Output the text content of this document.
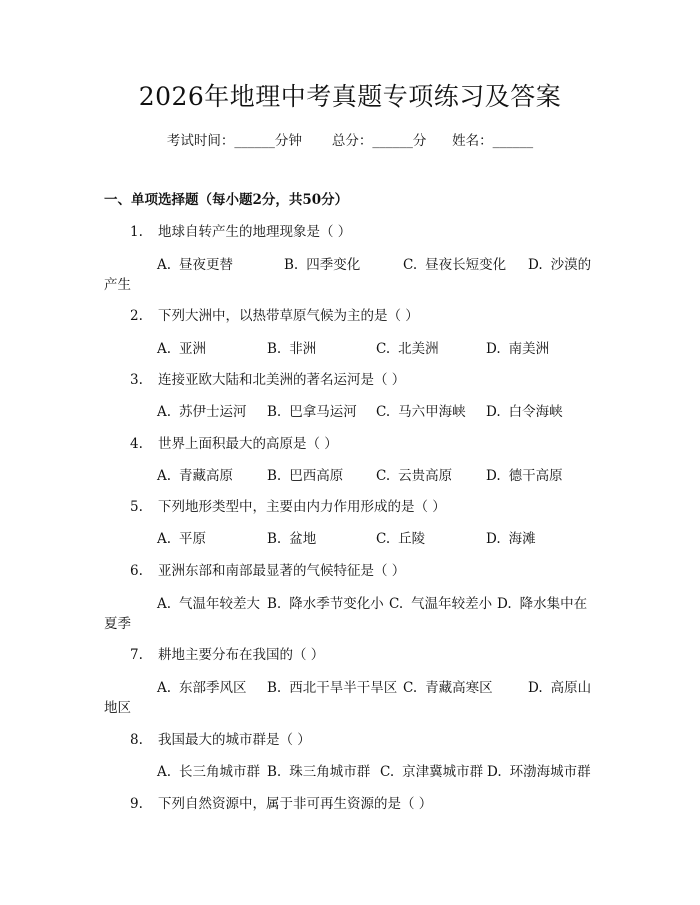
2026年地理中考真题专项练习及答案
考试时间：______分钟 总分：______分 姓名：______
一、单项选择题（每小题2分，共50分）
1. 地球自转产生的地理现象是（ ）
A. 昼夜更替	B. 四季变化	C. 昼夜长短变化 D. 沙漠的
产生
2. 下列大洲中，以热带草原气候为主的是（ ）
A. 亚洲	B. 非洲	C. 北美洲	D. 南美洲
3. 连接亚欧大陆和北美洲的著名运河是（ ）
A. 苏伊士运河 B. 巴拿马运河 C. 马六甲海峡 D. 白令海峡
4. 世界上面积最大的高原是（ ）
A. 青藏高原	B. 巴西高原 C. 云贵高原	D. 德干高原
5. 下列地形类型中，主要由内力作用形成的是（ ）
A. 平原	B. 盆地	C. 丘陵	D. 海滩
6. 亚洲东部和南部最显著的气候特征是（ ）
A. 气温年较差大 B. 降水季节变化小 C. 气温年较差小 D. 降水集中在
夏季
7. 耕地主要分布在我国的（ ）
A. 东部季风区 B. 西北干旱半干旱区 C. 青藏高寒区	D. 高原山
地区
8. 我国最大的城市群是（ ）
A. 长三角城市群 B. 珠三角城市群 C. 京津冀城市群 D. 环渤海城市群
9. 下列自然资源中，属于非可再生资源的是（ ）
